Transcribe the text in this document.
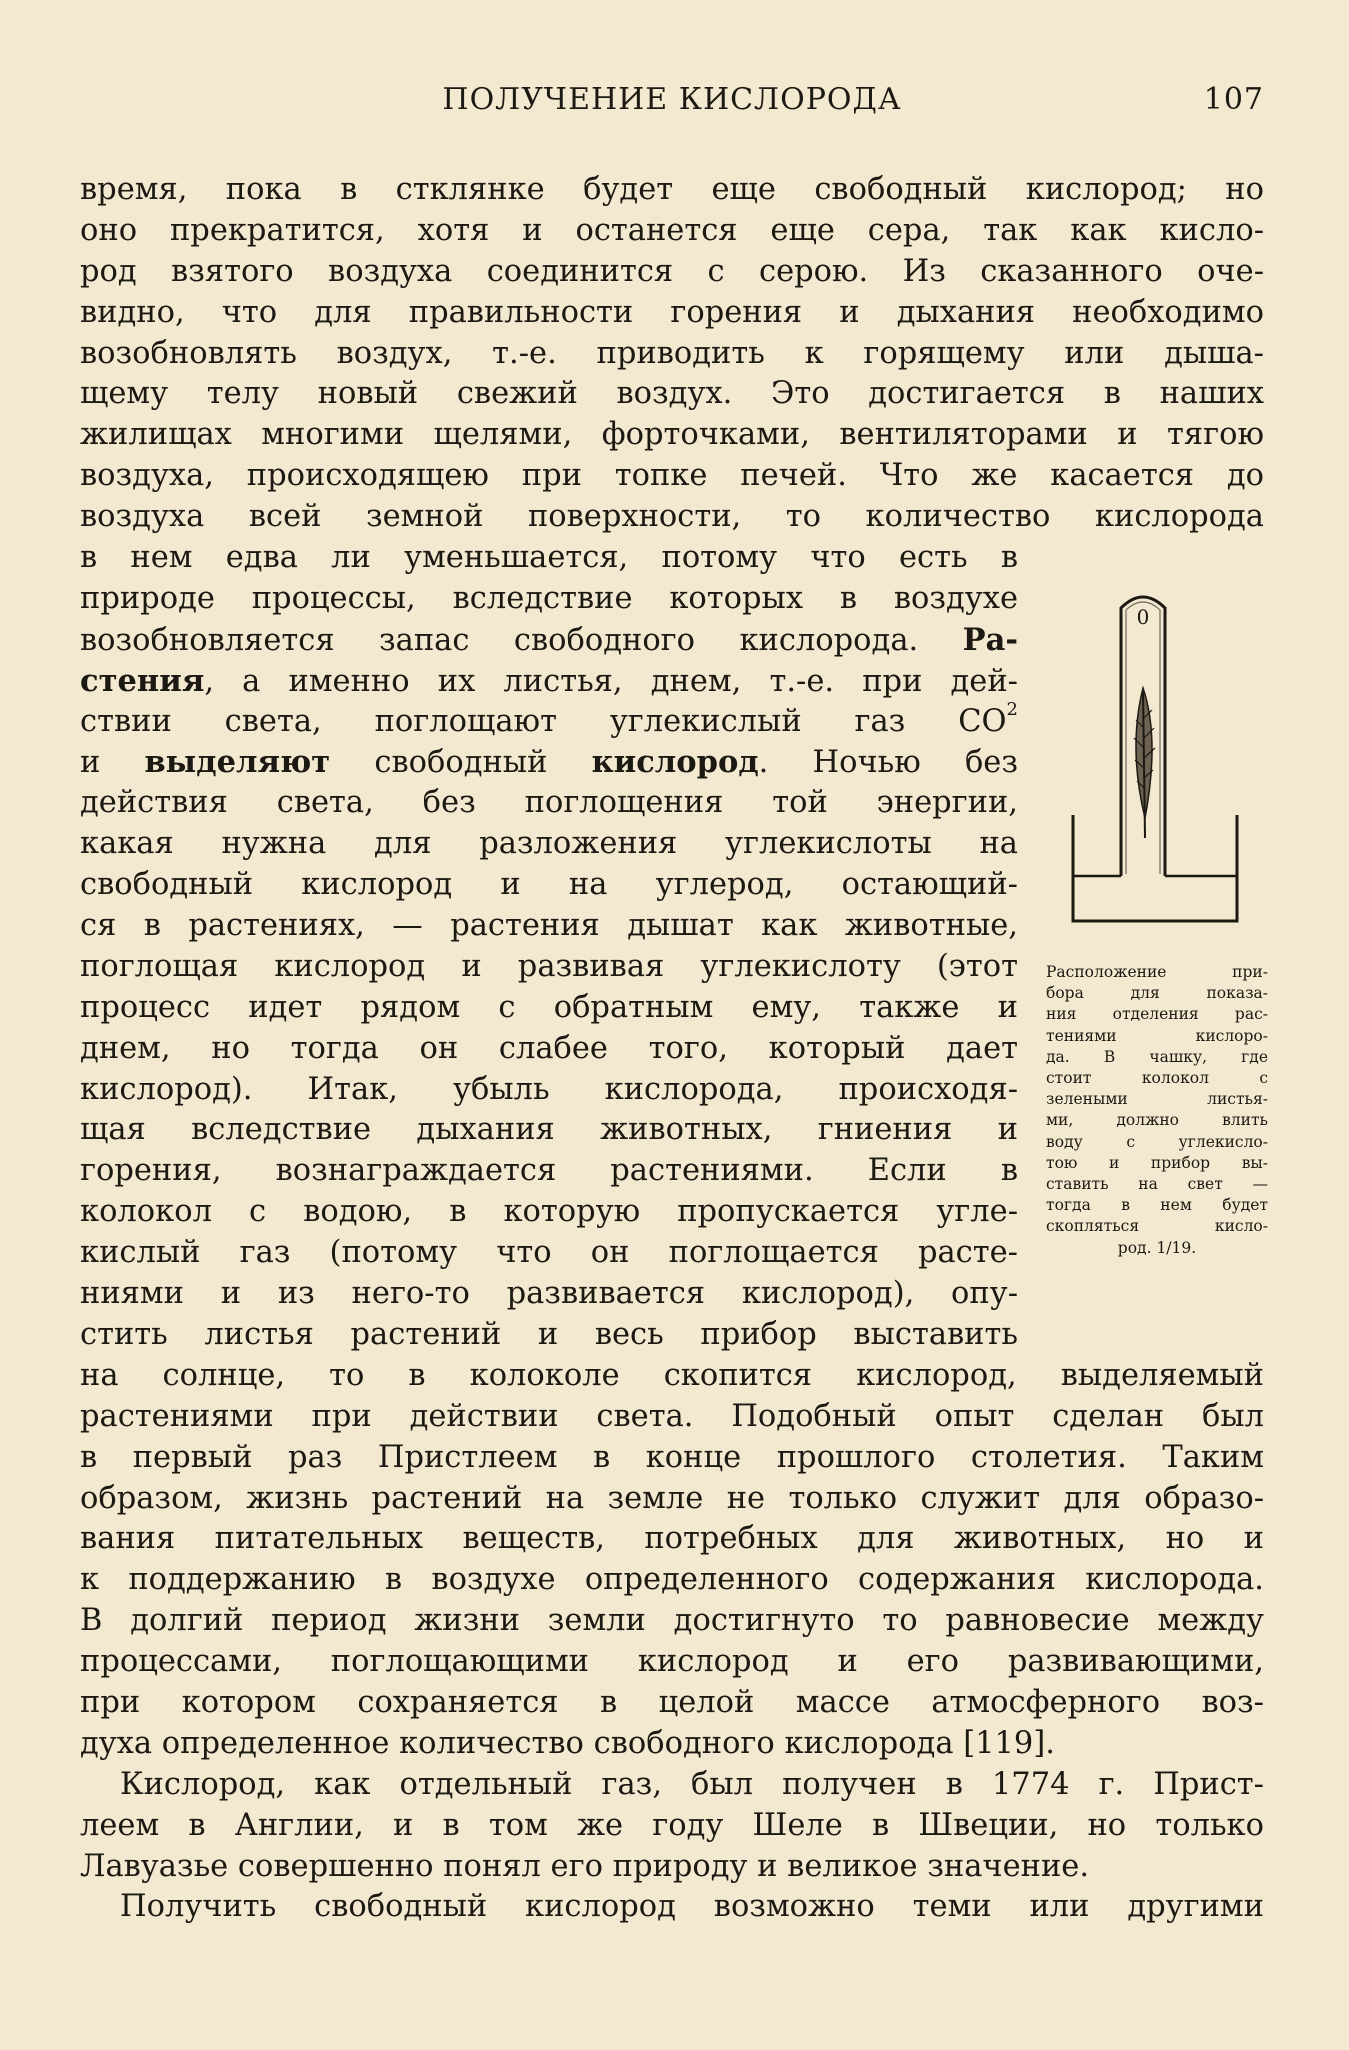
ПОЛУЧЕНИЕ КИСЛОРОДА	107
время, пока в стклянке будет еще свободный кислород; но
оно прекратится, хотя и останется еще сера, так как кисло-
род взятого воздуха соединится с серою. Из сказанного оче-
видно, что для правильности горения и дыхания необходимо
возобновлять воздух, т.-е. приводить к горящему или дыша-
щему телу новый свежий воздух. Это достигается в наших
жилищах многими щелями, форточками, вентиляторами и тягою
воздуха, происходящею при топке печей. Что же касается до
воздуха всей земной поверхности, то количество кислорода
в нем едва ли уменьшается, потому что есть в
природе процессы, вследствие которых в воздухе
возобновляется запас свободного кислорода. Ра-
стения, а именно их листья, днем, т.-е. при дей-
ствии света, поглощают углекислый газ $CO^2$
и выделяют свободный кислород. Ночью без
действия света, без поглощения той энергии,
какая нужна для разложения углекислоты на
свободный кислород и на углерод, остающий-
ся в растениях, — растения дышат как животные,
поглощая кислород и развивая углекислоту (этот
процесс идет рядом с обратным ему, также и
днем, но тогда он слабее того, который дает
кислород). Итак, убыль кислорода, происходя-
щая вследствие дыхания животных, гниения и
горения, вознаграждается растениями. Если в
колокол с водою, в которую пропускается угле-
кислый газ (потому что он поглощается расте-
ниями и из него-то развивается кислород), опу-
стить листья растений и весь прибор выставить
на солнце, то в колоколе скопится кислород, выделяемый
растениями при действии света. Подобный опыт сделан был
в первый раз Пристлеем в конце прошлого столетия. Таким
образом, жизнь растений на земле не только служит для образо-
вания питательных веществ, потребных для животных, но и
к поддержанию в воздухе определенного содержания кислорода.
В долгий период жизни земли достигнуто то равновесие между
процессами, поглощающими кислород и его развивающими,
при котором сохраняется в целой массе атмосферного воз-
духа определенное количество свободного кислорода [119].
Кислород, как отдельный газ, был получен в 1774 г. Прист-
леем в Англии, и в том же году Шеле в Швеции, но только
Лавуазье совершенно понял его природу и великое значение.
Получить свободный кислород возможно теми или другими
0
Расположение при-
бора для показа-
ния отделения рас-
тениями кислоро-
да. В чашку, где
стоит колокол с
зелеными листья-
ми, должно влить
воду с углекисло-
тою и прибор вы-
ставить на свет —
тогда в нем будет
скопляться кисло-
род. 1/19.
